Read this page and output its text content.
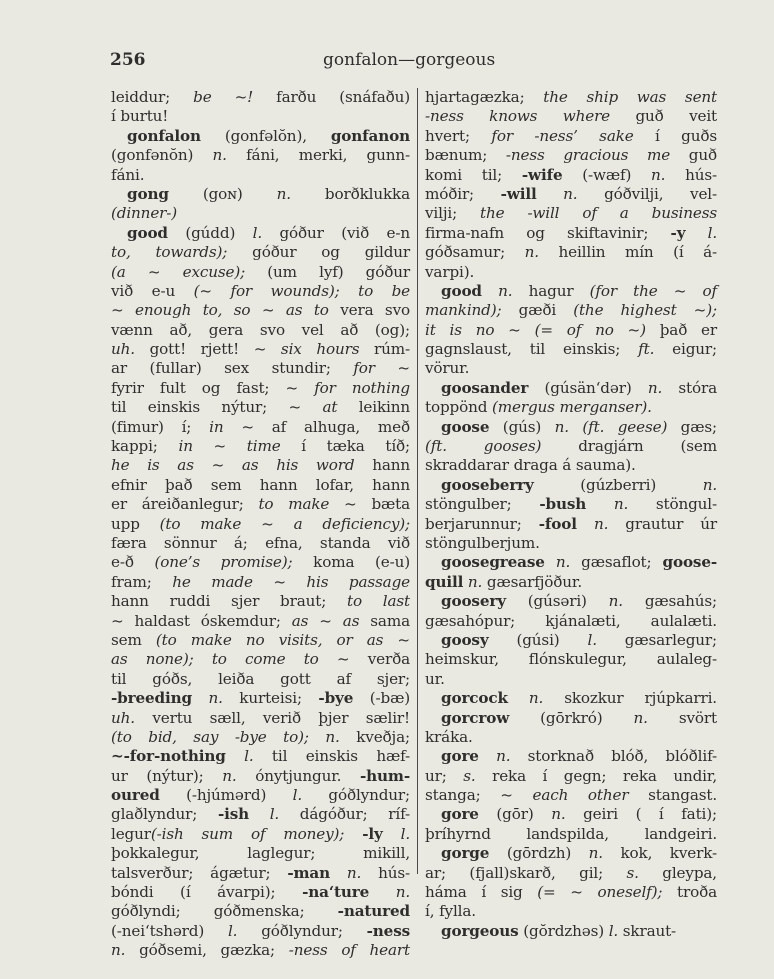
256	gonfalon—gorgeous
leiddur; be ~! farðu (snáfaðu)
í burtu!
gonfalon (gonfəlŏn), gonfanon
(gonfənŏn) n. fáni, merki, gunn-
fáni.
gong (goɴ) n. borðklukka
(dinner-)
good (gúdd) l. góður (við e-n
to, towards); góður og gildur
(a ~ excuse); (um lyf) góður
við e-u (~ for wounds); to be
~ enough to, so ~ as to vera svo
vænn að, gera svo vel að (og);
uh. gott! rjett! ~ six hours rúm-
ar (fullar) sex stundir; for ~
fyrir fult og fast; ~ for nothing
til einskis nýtur; ~ at leikinn
(fimur) í; in ~ af alhuga, með
kappi; in ~ time í tæka tíð;
he is as ~ as his word hann
efnir það sem hann lofar, hann
er áreiðanlegur; to make ~ bæta
upp (to make ~ a deficiency);
færa sönnur á; efna, standa við
e-ð (one’s promise); koma (e-u)
fram; he made ~ his passage
hann ruddi sjer braut; to last
~ haldast óskemdur; as ~ as sama
sem (to make no visits, or as ~
as none); to come to ~ verða
til góðs, leiða gott af sjer;
-breeding n. kurteisi; -bye (-bæ)
uh. vertu sæll, verið þjer sælir!
(to bid, say -bye to); n. kveðja;
~-for-nothing l. til einskis hæf-
ur (nýtur); n. ónytjungur. -hum-
oured (-hjúmərd) l. góðlyndur;
glaðlyndur; -ish l. dágóður; ríf-
legur(-ish sum of money); -ly l.
þokkalegur, laglegur; mikill,
talsverður; ágætur; -man n. hús-
bóndi (í ávarpi); -na‘ture n.
góðlyndi; góðmenska; -natured
(-nei‘tshərd) l. góðlyndur; -ness
n. góðsemi, gæzka; -ness of heart
hjartagæzka; the ship was sent
-ness knows where guð veit
hvert; for -ness’ sake í guðs
bænum; -ness gracious me guð
komi til; -wife (-wæf) n. hús-
móðir; -will n. góðvilji, vel-
vilji; the -will of a business
firma-nafn og skiftavinir; -y l.
góðsamur; n. heillin mín (í á-
varpi).
good n. hagur (for the ~ of
mankind); gæði (the highest ~);
it is no ~ (= of no ~) það er
gagnslaust, til einskis; ft. eigur;
vörur.
goosander (gúsän‘dər) n. stóra
toppönd (mergus merganser).
goose (gús) n. (ft. geese) gæs;
(ft. gooses) dragjárn (sem
skraddarar draga á sauma).
gooseberry (gúzberri) n.
stöngulber; -bush n. stöngul-
berjarunnur; -fool n. grautur úr
stöngulberjum.
goosegrease n. gæsaflot; goose-
quill n. gæsarfjöður.
goosery (gúsəri) n. gæsahús;
gæsahópur; kjánalæti, aulalæti.
goosy (gúsi) l. gæsarlegur;
heimskur, flónskulegur, aulaleg-
ur.
gorcock n. skozkur rjúpkarri.
gorcrow (gōrkró) n. svört
kráka.
gore n. storknað blóð, blóðlif-
ur; s. reka í gegn; reka undir,
stanga; ~ each other stangast.
gore (gōr) n. geiri ( í fati);
þríhyrnd landspilda, landgeiri.
gorge (gōrdzh) n. kok, kverk-
ar; (fjall)skarð, gil; s. gleypa,
háma í sig (= ~ oneself); troða
í, fylla.
gorgeous (gŏrdzhəs) l. skraut-
